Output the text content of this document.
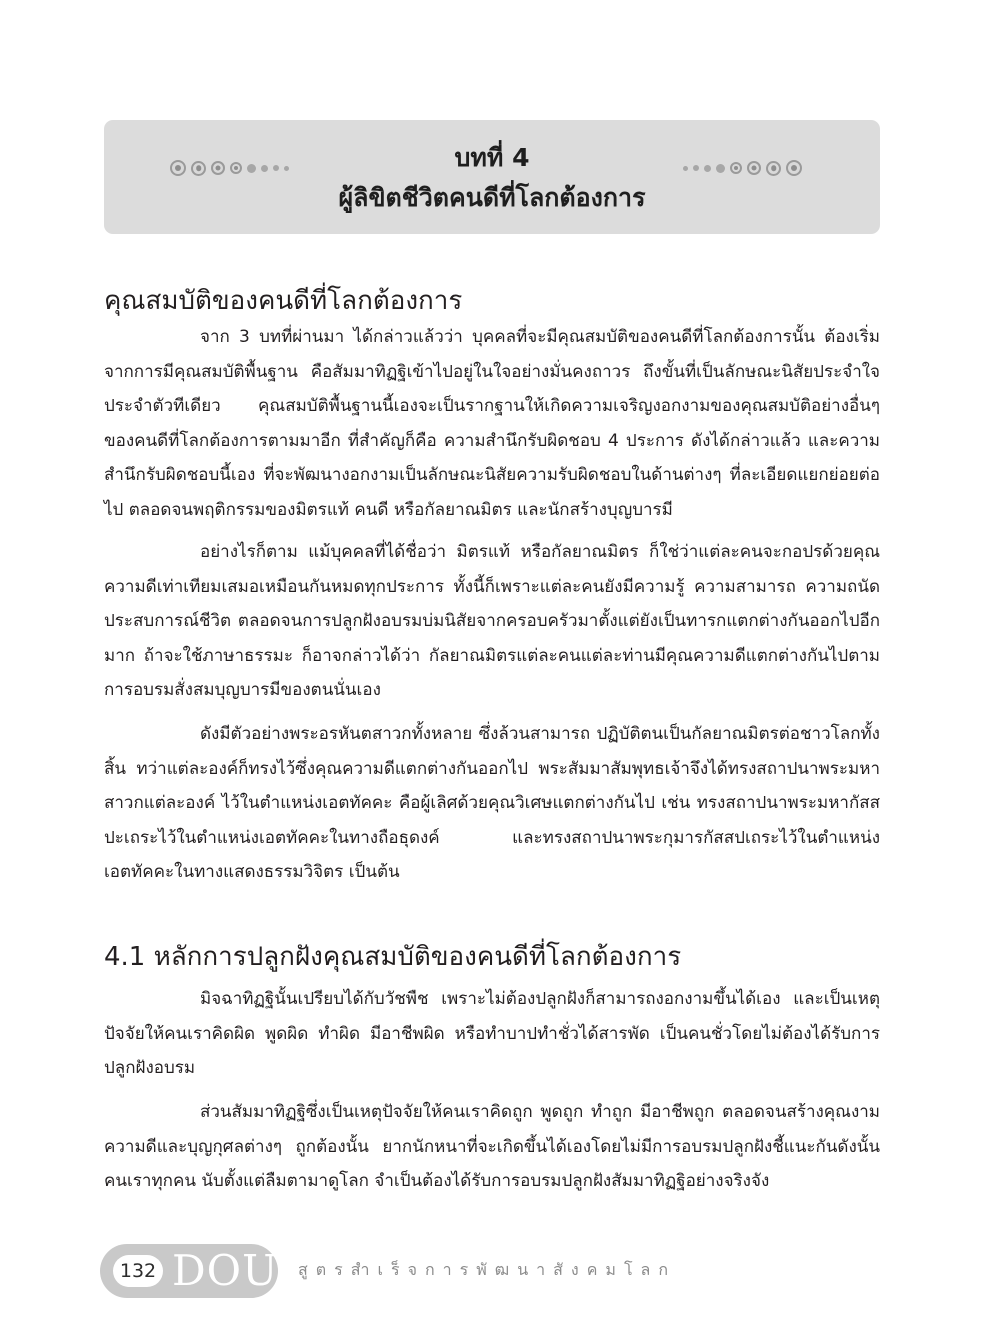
บทที่ 4
ผู้ลิขิตชีวิตคนดีที่โลกต้องการ
คุณสมบัติของคนดีที่โลกต้องการ

จาก 3 บทที่ผ่านมา ได้กล่าวแล้วว่า บุคคลที่จะมีคุณสมบัติของคนดีที่โลกต้องการนั้น ต้องเริ่มจากการมีคุณสมบัติพื้นฐาน คือสัมมาทิฏฐิเข้าไปอยู่ในใจอย่างมั่นคงถาวร ถึงขั้นที่เป็นลักษณะนิสัยประจำใจประจำตัวทีเดียว คุณสมบัติพื้นฐานนี้เองจะเป็นรากฐานให้เกิดความเจริญงอกงามของคุณสมบัติอย่างอื่นๆ ของคนดีที่โลกต้องการตามมาอีก ที่สำคัญก็คือ ความสำนึกรับผิดชอบ 4 ประการ ดังได้กล่าวแล้ว และความสำนึกรับผิดชอบนี้เอง ที่จะพัฒนางอกงามเป็นลักษณะนิสัยความรับผิดชอบในด้านต่างๆ ที่ละเอียดแยกย่อยต่อไป ตลอดจนพฤติกรรมของมิตรแท้ คนดี หรือกัลยาณมิตร และนักสร้างบุญบารมี

อย่างไรก็ตาม แม้บุคคลที่ได้ชื่อว่า มิตรแท้ หรือกัลยาณมิตร ก็ใช่ว่าแต่ละคนจะกอปรด้วยคุณความดีเท่าเทียมเสมอเหมือนกันหมดทุกประการ ทั้งนี้ก็เพราะแต่ละคนยังมีความรู้ ความสามารถ ความถนัด ประสบการณ์ชีวิต ตลอดจนการปลูกฝังอบรมบ่มนิสัยจากครอบครัวมาตั้งแต่ยังเป็นทารกแตกต่างกันออกไปอีกมาก ถ้าจะใช้ภาษาธรรมะ ก็อาจกล่าวได้ว่า กัลยาณมิตรแต่ละคนแต่ละท่านมีคุณความดีแตกต่างกันไปตาม การอบรมสั่งสมบุญบารมีของตนนั่นเอง

ดังมีตัวอย่างพระอรหันตสาวกทั้งหลาย ซึ่งล้วนสามารถ ปฏิบัติตนเป็นกัลยาณมิตรต่อชาวโลกทั้งสิ้น ทว่าแต่ละองค์ก็ทรงไว้ซึ่งคุณความดีแตกต่างกันออกไป พระสัมมาสัมพุทธเจ้าจึงได้ทรงสถาปนาพระมหาสาวกแต่ละองค์ ไว้ในตำแหน่งเอตทัคคะ คือผู้เลิศด้วยคุณวิเศษแตกต่างกันไป เช่น ทรงสถาปนาพระมหากัสสปะเถระไว้ในตำแหน่งเอตทัคคะในทางถือธุดงค์ และทรงสถาปนาพระกุมารกัสสปเถระไว้ในตำแหน่งเอตทัคคะในทางแสดงธรรมวิจิตร เป็นต้น

4.1 หลักการปลูกฝังคุณสมบัติของคนดีที่โลกต้องการ

มิจฉาทิฏฐินั้นเปรียบได้กับวัชพืช เพราะไม่ต้องปลูกฝังก็สามารถงอกงามขึ้นได้เอง และเป็นเหตุปัจจัยให้คนเราคิดผิด พูดผิด ทำผิด มีอาชีพผิด หรือทำบาปทำชั่วได้สารพัด เป็นคนชั่วโดยไม่ต้องได้รับการปลูกฝังอบรม

ส่วนสัมมาทิฏฐิซึ่งเป็นเหตุปัจจัยให้คนเราคิดถูก พูดถูก ทำถูก มีอาชีพถูก ตลอดจนสร้างคุณงามความดีและบุญกุศลต่างๆ ถูกต้องนั้น ยากนักหนาที่จะเกิดขึ้นได้เองโดยไม่มีการอบรมปลูกฝังชี้แนะกันดังนั้นคนเราทุกคน นับตั้งแต่ลืมตามาดูโลก จำเป็นต้องได้รับการอบรมปลูกฝังสัมมาทิฏฐิอย่างจริงจัง

132 DOU สูตรสำเร็จการพัฒนาสังคมโลก
